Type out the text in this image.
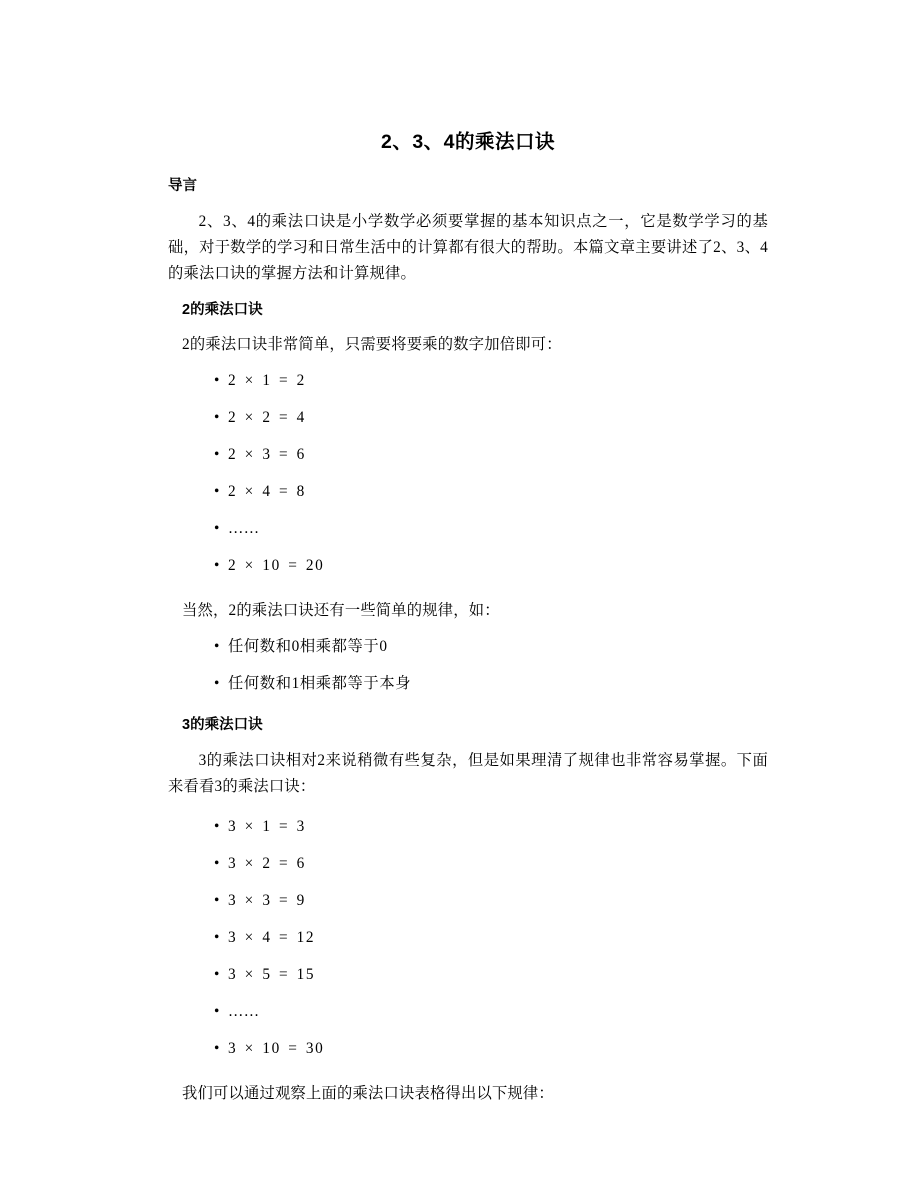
2、3、4的乘法口诀
导言

2、3、4的乘法口诀是小学数学必须要掌握的基本知识点之一，它是数学学习的基础，对于数学的学习和日常生活中的计算都有很大的帮助。本篇文章主要讲述了2、3、4的乘法口诀的掌握方法和计算规律。

2的乘法口诀

2的乘法口诀非常简单，只需要将要乘的数字加倍即可：

• 2 × 1 = 2
• 2 × 2 = 4
• 2 × 3 = 6
• 2 × 4 = 8
• ……
• 2 × 10 = 20

当然，2的乘法口诀还有一些简单的规律，如：

• 任何数和0相乘都等于0
• 任何数和1相乘都等于本身
3的乘法口诀

3的乘法口诀相对2来说稍微有些复杂，但是如果理清了规律也非常容易掌握。下面来看看3的乘法口诀：

• 3 × 1 = 3
• 3 × 2 = 6
• 3 × 3 = 9
• 3 × 4 = 12
• 3 × 5 = 15
• ……
• 3 × 10 = 30

我们可以通过观察上面的乘法口诀表格得出以下规律：
